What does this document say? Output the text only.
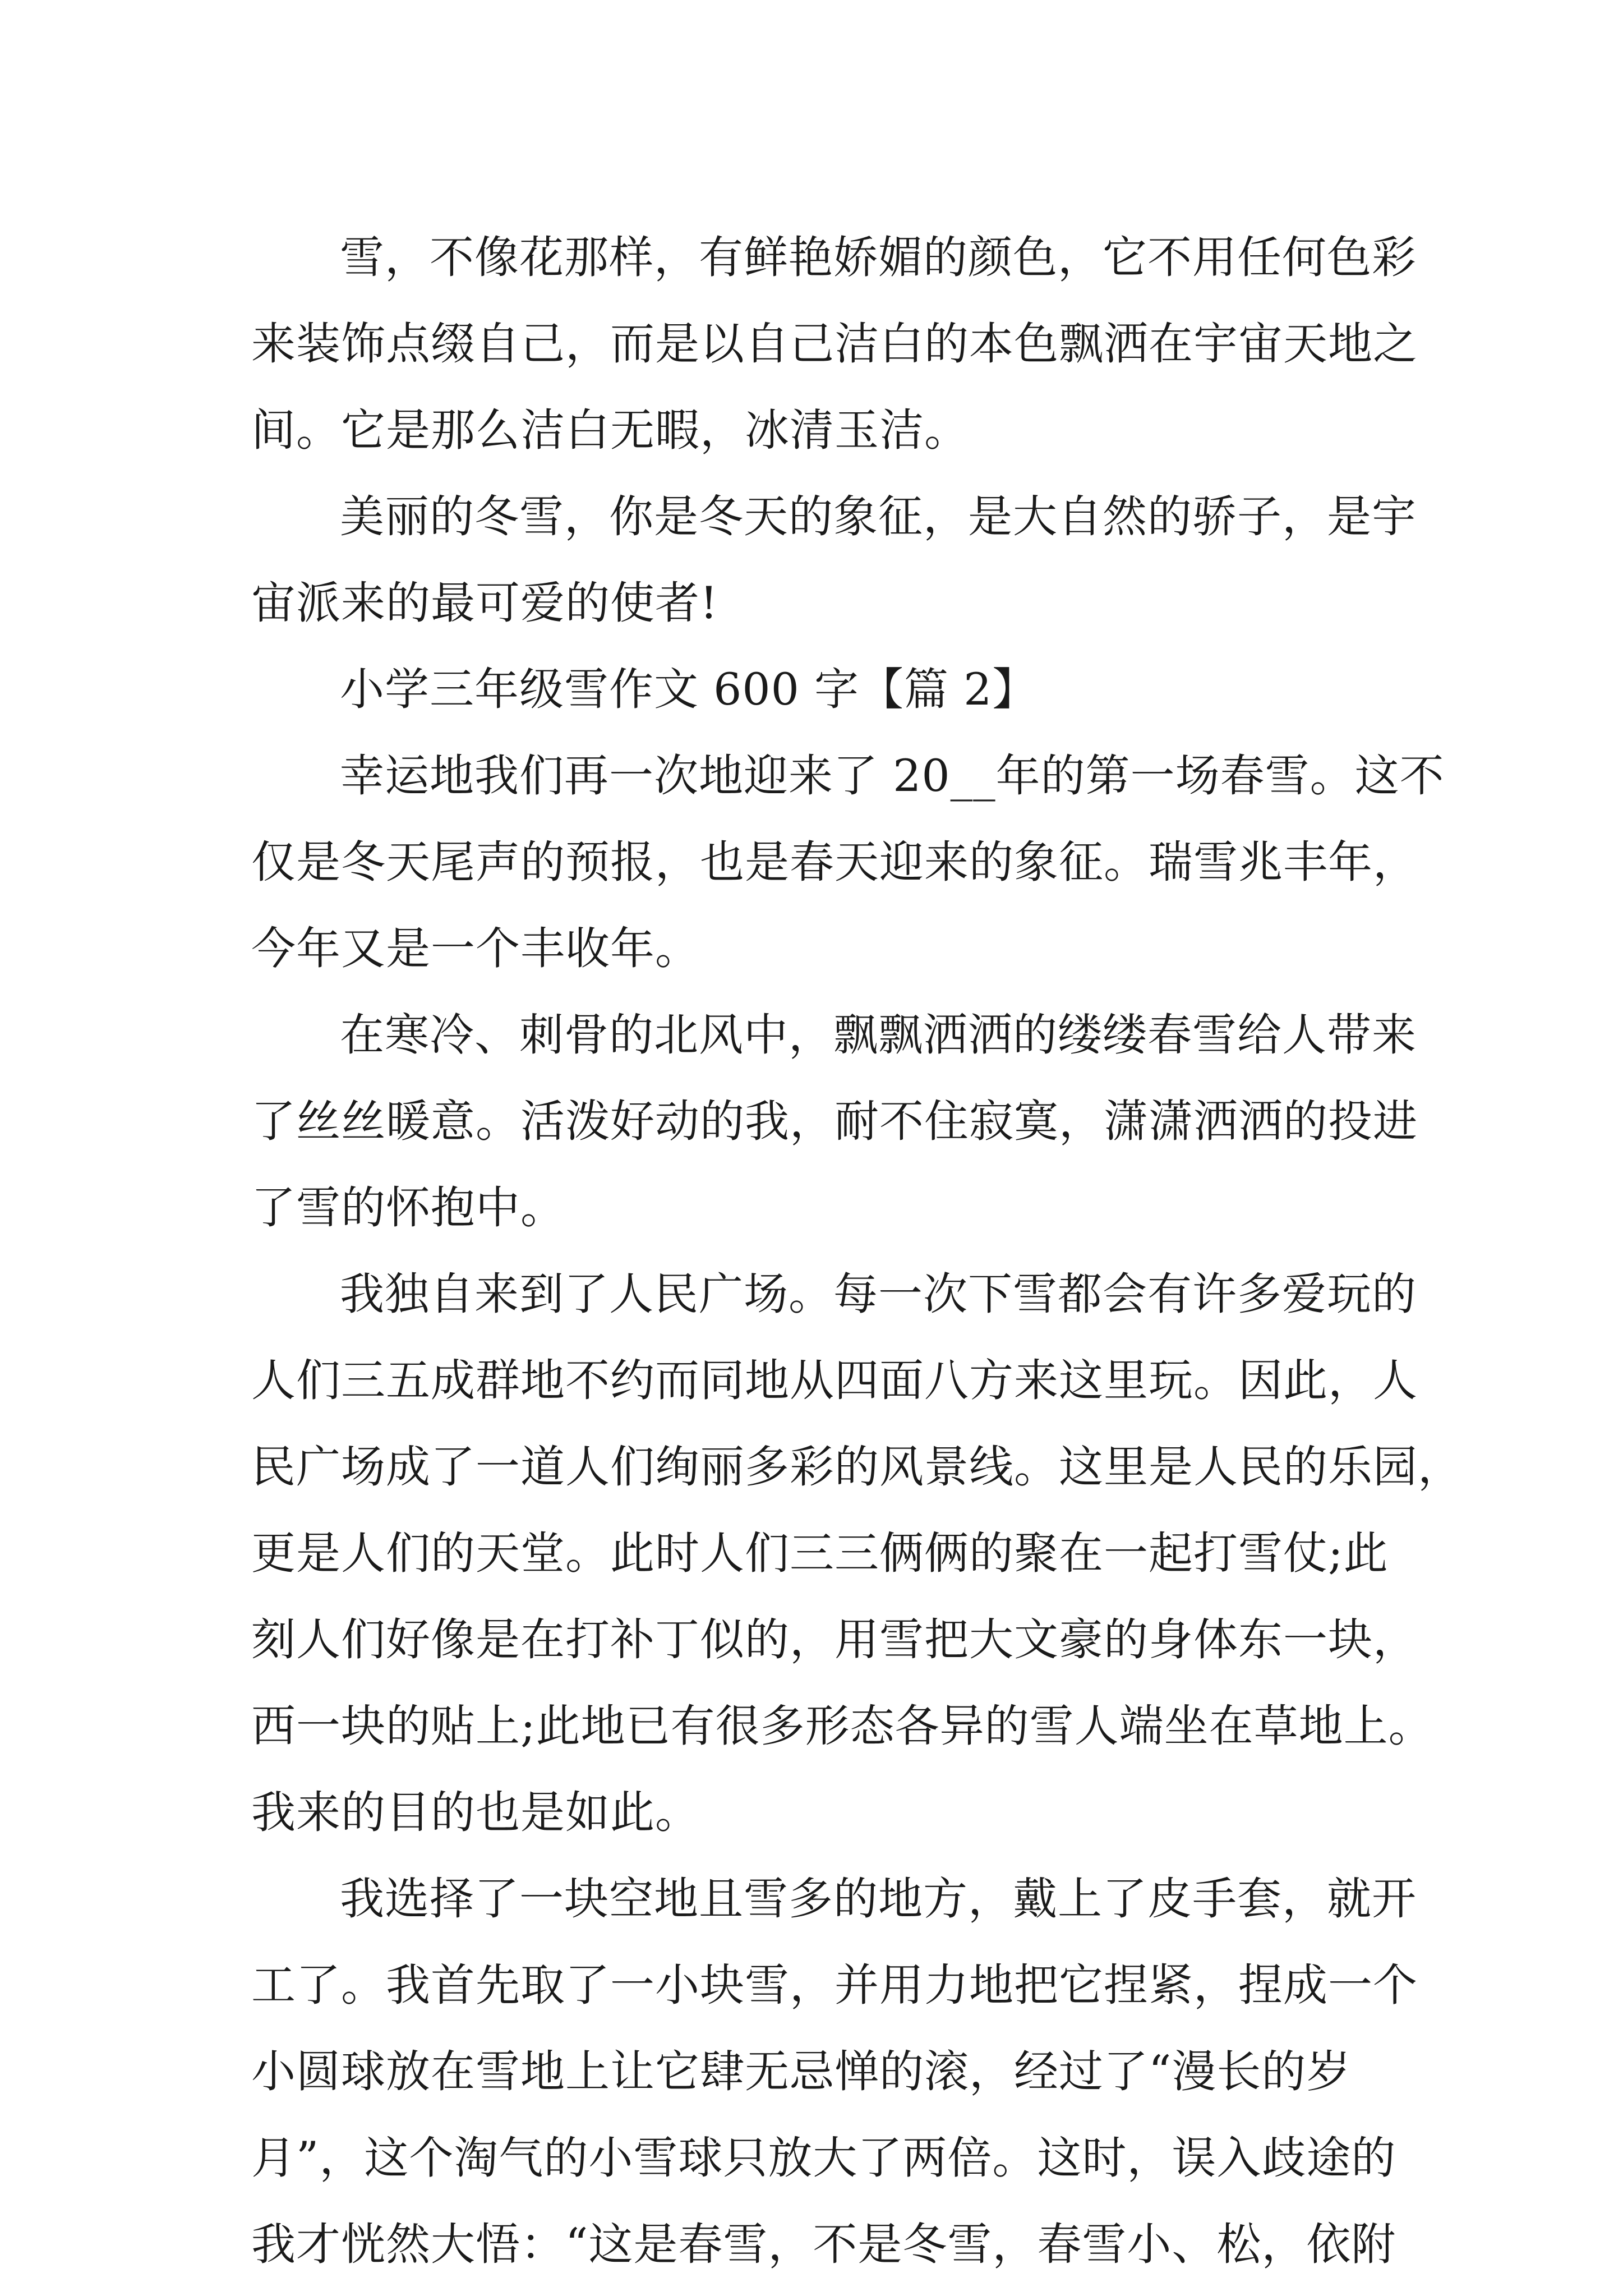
雪，不像花那样，有鲜艳娇媚的颜色，它不用任何色彩
来装饰点缀自己，而是以自己洁白的本色飘洒在宇宙天地之
间。它是那么洁白无暇，冰清玉洁。
美丽的冬雪，你是冬天的象征，是大自然的骄子，是宇
宙派来的最可爱的使者!
小学三年级雪作文 600 字【篇 2】
幸运地我们再一次地迎来了 20__年的第一场春雪。这不
仅是冬天尾声的预报，也是春天迎来的象征。瑞雪兆丰年，
今年又是一个丰收年。
在寒冷、刺骨的北风中，飘飘洒洒的缕缕春雪给人带来
了丝丝暖意。活泼好动的我，耐不住寂寞，潇潇洒洒的投进
了雪的怀抱中。
我独自来到了人民广场。每一次下雪都会有许多爱玩的
人们三五成群地不约而同地从四面八方来这里玩。因此，人
民广场成了一道人们绚丽多彩的风景线。这里是人民的乐园，
更是人们的天堂。此时人们三三俩俩的聚在一起打雪仗;此
刻人们好像是在打补丁似的，用雪把大文豪的身体东一块，
西一块的贴上;此地已有很多形态各异的雪人端坐在草地上。
我来的目的也是如此。
我选择了一块空地且雪多的地方，戴上了皮手套，就开
工了。我首先取了一小块雪，并用力地把它捏紧，捏成一个
小圆球放在雪地上让它肆无忌惮的滚，经过了“漫长的岁
月”，这个淘气的小雪球只放大了两倍。这时，误入歧途的
我才恍然大悟：“这是春雪，不是冬雪，春雪小、松，依附
